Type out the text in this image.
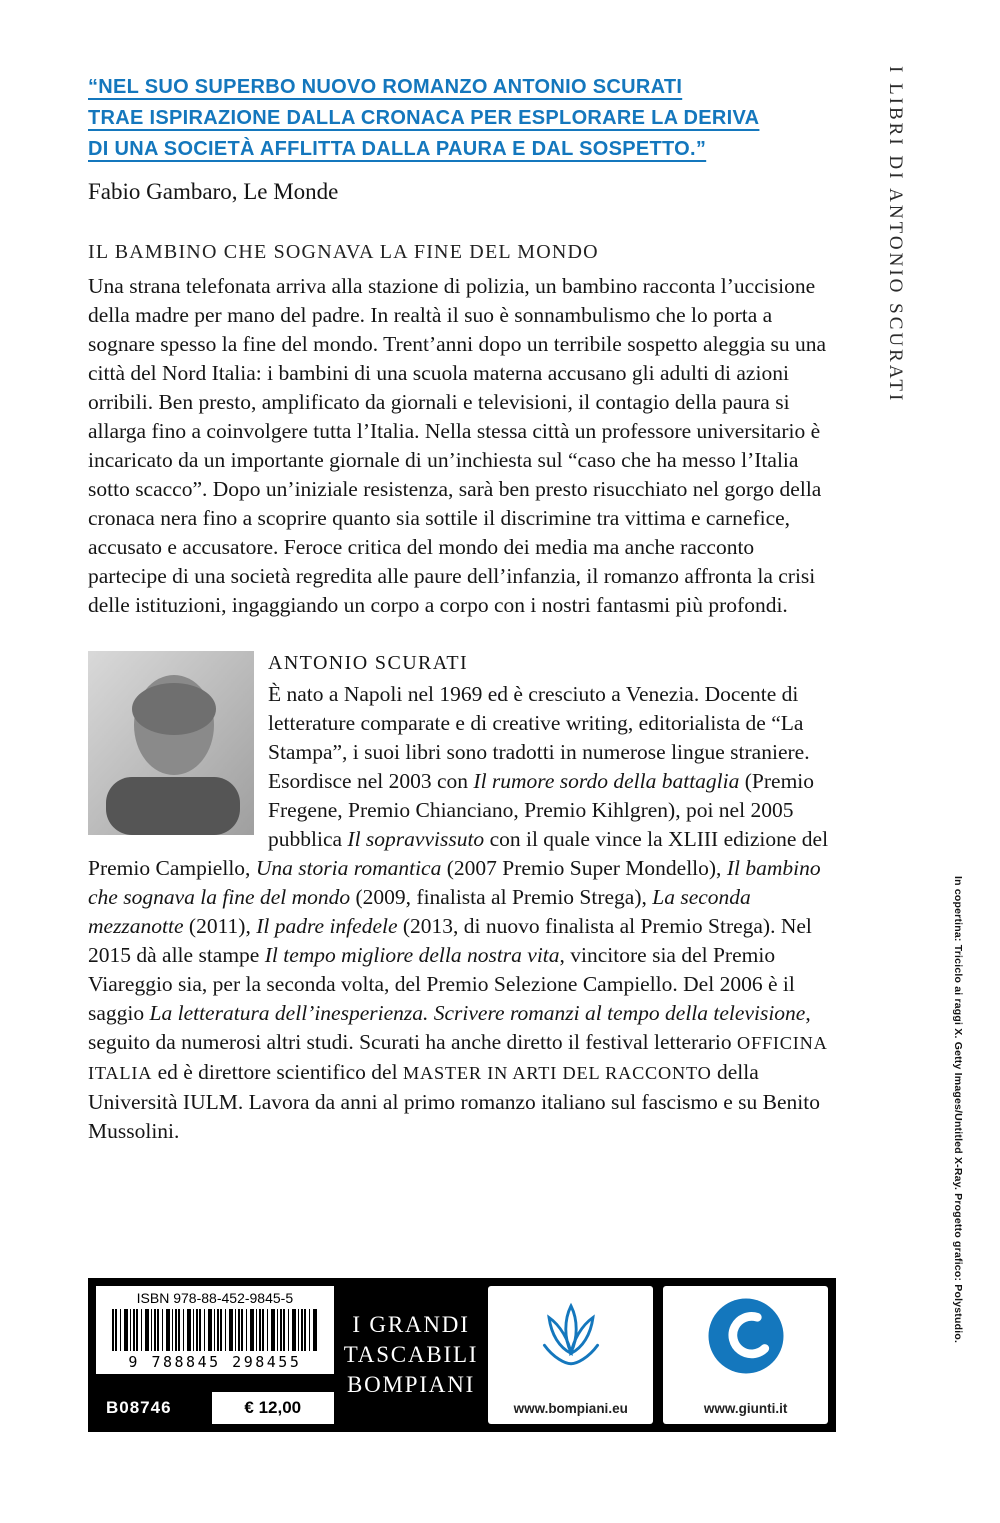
“NEL SUO SUPERBO NUOVO ROMANZO ANTONIO SCURATI
TRAE ISPIRAZIONE DALLA CRONACA PER ESPLORARE LA DERIVA
DI UNA SOCIETÀ AFFLITTA DALLA PAURA E DAL SOSPETTO.”
Fabio Gambaro, Le Monde
IL BAMBINO CHE SOGNAVA LA FINE DEL MONDO
Una strana telefonata arriva alla stazione di polizia, un bambino racconta l’uccisione della madre per mano del padre. In realtà il suo è sonnambulismo che lo porta a sognare spesso la fine del mondo. Trent’anni dopo un terribile sospetto aleggia su una città del Nord Italia: i bambini di una scuola materna accusano gli adulti di azioni orribili. Ben presto, amplificato da giornali e televisioni, il contagio della paura si allarga fino a coinvolgere tutta l’Italia. Nella stessa città un professore universitario è incaricato da un importante giornale di un’inchiesta sul “caso che ha messo l’Italia sotto scacco”. Dopo un’iniziale resistenza, sarà ben presto risucchiato nel gorgo della cronaca nera fino a scoprire quanto sia sottile il discrimine tra vittima e carnefice, accusato e accusatore. Feroce critica del mondo dei media ma anche racconto partecipe di una società regredita alle paure dell’infanzia, il romanzo affronta la crisi delle istituzioni, ingaggiando un corpo a corpo con i nostri fantasmi più profondi.
ANTONIO SCURATI
È nato a Napoli nel 1969 ed è cresciuto a Venezia. Docente di letterature comparate e di creative writing, editorialista de “La Stampa”, i suoi libri sono tradotti in numerose lingue straniere. Esordisce nel 2003 con Il rumore sordo della battaglia (Premio Fregene, Premio Chianciano, Premio Kihlgren), poi nel 2005 pubblica Il sopravvissuto con il quale vince la XLIII edizione del Premio Campiello, Una storia romantica (2007 Premio Super Mondello), Il bambino che sognava la fine del mondo (2009, finalista al Premio Strega), La seconda mezzanotte (2011), Il padre infedele (2013, di nuovo finalista al Premio Strega). Nel 2015 dà alle stampe Il tempo migliore della nostra vita, vincitore sia del Premio Viareggio sia, per la seconda volta, del Premio Selezione Campiello. Del 2006 è il saggio La letteratura dell’inesperienza. Scrivere romanzi al tempo della televisione, seguito da numerosi altri studi. Scurati ha anche diretto il festival letterario OFFICINA ITALIA ed è direttore scientifico del MASTER IN ARTI DEL RACCONTO della Università IULM. Lavora da anni al primo romanzo italiano sul fascismo e su Benito Mussolini.
I LIBRI DI ANTONIO SCURATI
In copertina: Triciclo ai raggi X. Getty Images/Untitled X-Ray. Progetto grafico: Polystudio.
ISBN 978-88-452-9845-5
9 788845 298455
B08746	€ 12,00
I GRANDI
TASCABILI
BOMPIANI
www.bompiani.eu	www.giunti.it
